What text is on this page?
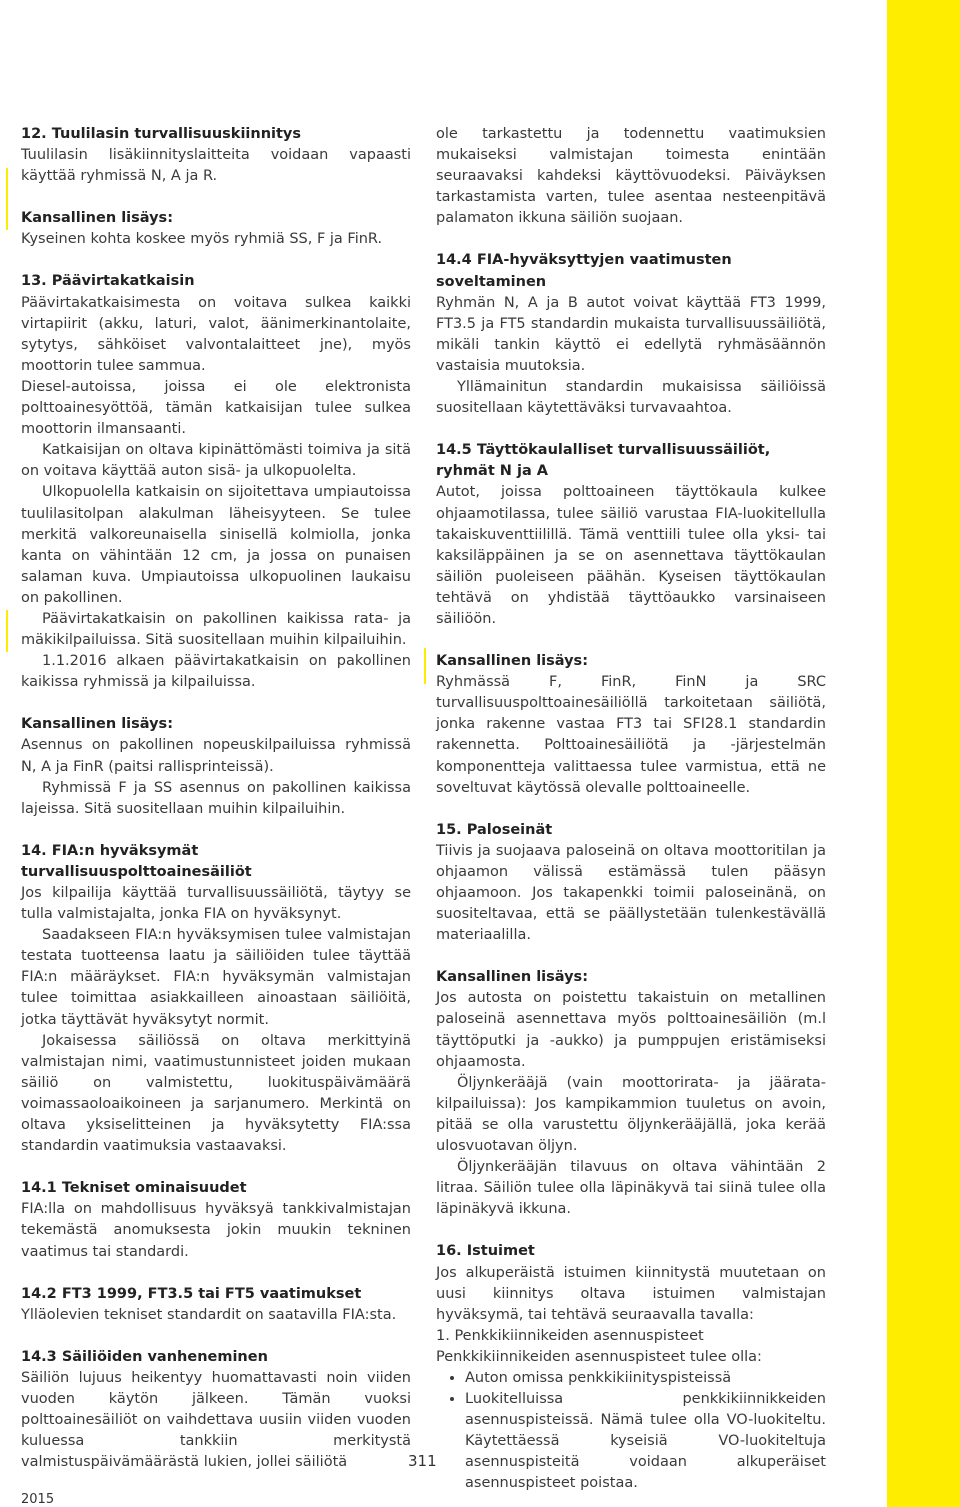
12. Tuulilasin turvallisuuskiinnitys

Tuulilasin lisäkiinnityslaitteita voidaan vapaasti käyttää ryhmissä N, A ja R.

Kansallinen lisäys:

Kyseinen kohta koskee myös ryhmiä SS, F ja FinR.

13. Päävirtakatkaisin

Päävirtakatkaisimesta on voitava sulkea kaikki virtapiirit (akku, laturi, valot, äänimerkinantolaite, sytytys, sähköiset valvontalaitteet jne), myös moottorin tulee sammua.

Diesel-autoissa, joissa ei ole elektronista polttoainesyöttöä, tämän katkaisijan tulee sulkea moottorin ilmansaanti.

Katkaisijan on oltava kipinättömästi toimiva ja sitä on voitava käyttää auton sisä- ja ulkopuolelta.

Ulkopuolella katkaisin on sijoitettava umpiautoissa tuulilasitolpan alakulman läheisyyteen. Se tulee merkitä valkoreunaisella sinisellä kolmiolla, jonka kanta on vähintään 12 cm, ja jossa on punaisen salaman kuva. Umpiautoissa ulkopuolinen laukaisu on pakollinen.

Päävirtakatkaisin on pakollinen kaikissa rata- ja mäkikilpailuissa. Sitä suositellaan muihin kilpailuihin.

1.1.2016 alkaen päävirtakatkaisin on pakollinen kaikissa ryhmissä ja kilpailuissa.

Kansallinen lisäys:

Asennus on pakollinen nopeuskilpailuissa ryhmissä N, A ja FinR (paitsi rallisprinteissä).

Ryhmissä F ja SS asennus on pakollinen kaikissa lajeissa. Sitä suositellaan muihin kilpailuihin.

14. FIA:n hyväksymät turvallisuuspolttoainesäiliöt

Jos kilpailija käyttää turvallisuussäiliötä, täytyy se tulla valmistajalta, jonka FIA on hyväksynyt.

Saadakseen FIA:n hyväksymisen tulee valmistajan testata tuotteensa laatu ja säiliöiden tulee täyttää FIA:n määräykset. FIA:n hyväksymän valmistajan tulee toimittaa asiakkailleen ainoastaan säiliöitä, jotka täyttävät hyväksytyt normit.

Jokaisessa säiliössä on oltava merkittyinä valmistajan nimi, vaatimustunnisteet joiden mukaan säiliö on valmistettu, luokituspäivämäärä voimassaoloaikoineen ja sarjanumero. Merkintä on oltava yksiselitteinen ja hyväksytetty FIA:ssa standardin vaatimuksia vastaavaksi.

14.1 Tekniset ominaisuudet

FIA:lla on mahdollisuus hyväksyä tankkivalmistajan tekemästä anomuksesta jokin muukin tekninen vaatimus tai standardi.

14.2 FT3 1999, FT3.5 tai FT5 vaatimukset

Ylläolevien tekniset standardit on saatavilla FIA:sta.

14.3 Säiliöiden vanheneminen

Säiliön lujuus heikentyy huomattavasti noin viiden vuoden käytön jälkeen. Tämän vuoksi polttoainesäiliöt on vaihdettava uusiin viiden vuoden kuluessa tankkiin merkitystä valmistuspäivämäärästä lukien, jollei säiliötä

ole tarkastettu ja todennettu vaatimuksien mukaiseksi valmistajan toimesta enintään seuraavaksi kahdeksi käyttövuodeksi. Päiväyksen tarkastamista varten, tulee asentaa nesteenpitävä palamaton ikkuna säiliön suojaan.

14.4 FIA-hyväksyttyjen vaatimusten soveltaminen

Ryhmän N, A ja B autot voivat käyttää FT3 1999, FT3.5 ja FT5 standardin mukaista turvallisuussäiliötä, mikäli tankin käyttö ei edellytä ryhmäsäännön vastaisia muutoksia.

Yllämainitun standardin mukaisissa säiliöissä suositellaan käytettäväksi turvavaahtoa.

14.5 Täyttökaulalliset turvallisuussäiliöt, ryhmät N ja A

Autot, joissa polttoaineen täyttökaula kulkee ohjaamotilassa, tulee säiliö varustaa FIA-luokitellulla takaiskuventtiilillä. Tämä venttiili tulee olla yksi- tai kaksiläppäinen ja se on asennettava täyttökaulan säiliön puoleiseen päähän. Kyseisen täyttökaulan tehtävä on yhdistää täyttöaukko varsinaiseen säiliöön.

Kansallinen lisäys:

Ryhmässä F, FinR, FinN ja SRC turvallisuuspolttoainesäiliöllä tarkoitetaan säiliötä, jonka rakenne vastaa FT3 tai SFI28.1 standardin rakennetta. Polttoainesäiliötä ja -järjestelmän komponentteja valittaessa tulee varmistua, että ne soveltuvat käytössä olevalle polttoaineelle.

15. Paloseinät

Tiivis ja suojaava paloseinä on oltava moottoritilan ja ohjaamon välissä estämässä tulen pääsyn ohjaamoon. Jos takapenkki toimii paloseinänä, on suositeltavaa, että se päällystetään tulenkestävällä materiaalilla.

Kansallinen lisäys:

Jos autosta on poistettu takaistuin on metallinen paloseinä asennettava myös polttoainesäiliön (m.l täyttöputki ja -aukko) ja pumppujen eristämiseksi ohjaamosta.

Öljynkerääjä (vain moottorirata- ja jääratakilpailuissa): Jos kampikammion tuuletus on avoin, pitää se olla varustettu öljynkerääjällä, joka kerää ulosvuotavan öljyn.

Öljynkerääjän tilavuus on oltava vähintään 2 litraa. Säiliön tulee olla läpinäkyvä tai siinä tulee olla läpinäkyvä ikkuna.

16. Istuimet

Jos alkuperäistä istuimen kiinnitystä muutetaan on uusi kiinnitys oltava istuimen valmistajan hyväksymä, tai tehtävä seuraavalla tavalla:

1. Penkkikiinnikeiden asennuspisteet

Penkkikiinnikeiden asennuspisteet tulee olla:

• Auton omissa penkkikiinityspisteissä
• Luokitelluissa penkkikiinnikkeiden asennuspisteissä. Nämä tulee olla VO-luokiteltu. Käytettäessä kyseisiä VO-luokiteltuja asennuspisteitä voidaan alkuperäiset asennuspisteet poistaa.
311
2015
